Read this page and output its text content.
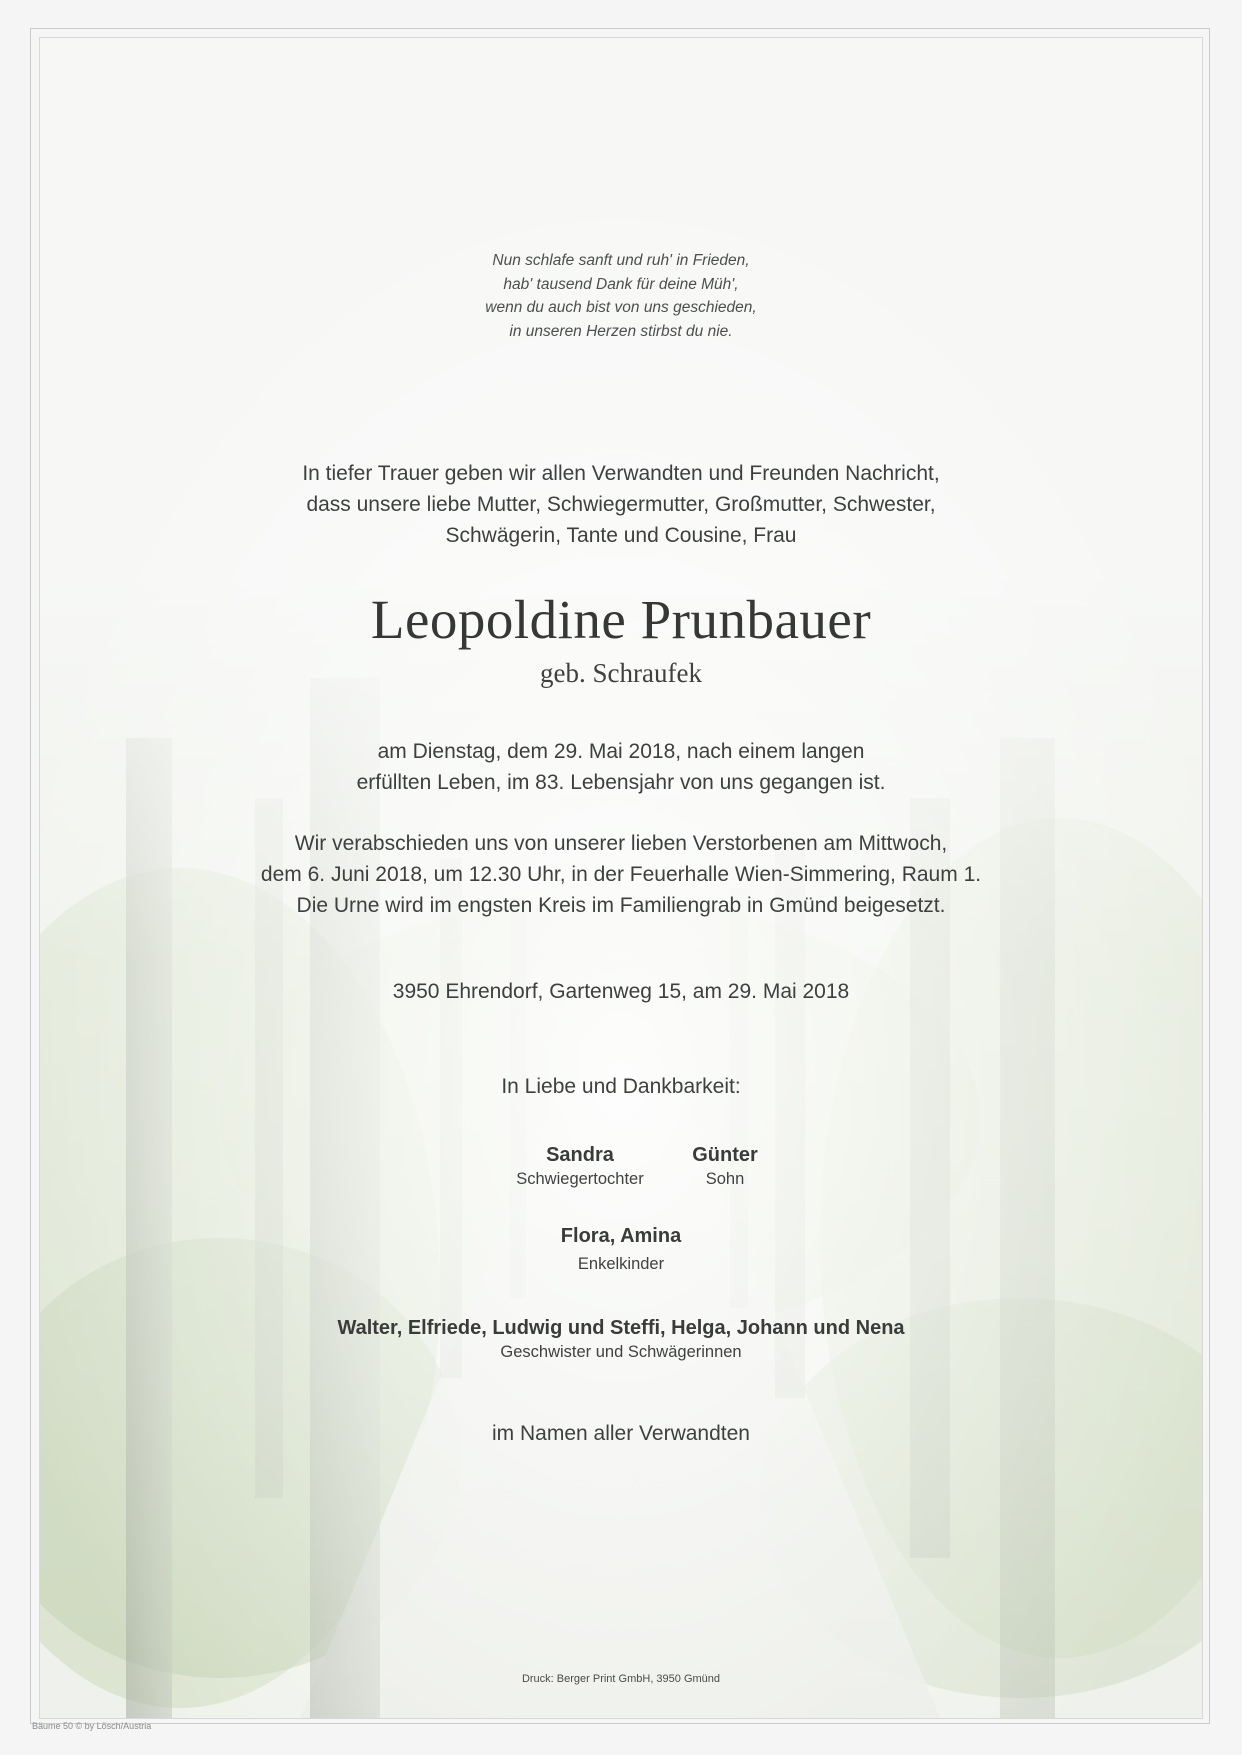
Nun schlafe sanft und ruh' in Frieden,
hab' tausend Dank für deine Müh',
wenn du auch bist von uns geschieden,
in unseren Herzen stirbst du nie.
In tiefer Trauer geben wir allen Verwandten und Freunden Nachricht,
dass unsere liebe Mutter, Schwiegermutter, Großmutter, Schwester,
Schwägerin, Tante und Cousine, Frau
Leopoldine Prunbauer
geb. Schraufek
am Dienstag, dem 29. Mai 2018, nach einem langen
erfüllten Leben, im 83. Lebensjahr von uns gegangen ist.
Wir verabschieden uns von unserer lieben Verstorbenen am Mittwoch,
dem 6. Juni 2018, um 12.30 Uhr, in der Feuerhalle Wien-Simmering, Raum 1.
Die Urne wird im engsten Kreis im Familiengrab in Gmünd beigesetzt.
3950 Ehrendorf, Gartenweg 15, am 29. Mai 2018
In Liebe und Dankbarkeit:
Sandra
Schwiegertochter
Günter
Sohn
Flora, Amina
Enkelkinder
Walter, Elfriede, Ludwig und Steffi, Helga, Johann und Nena
Geschwister und Schwägerinnen
im Namen aller Verwandten
Druck: Berger Print GmbH, 3950 Gmünd
Bäume 50 © by Lösch/Austria
